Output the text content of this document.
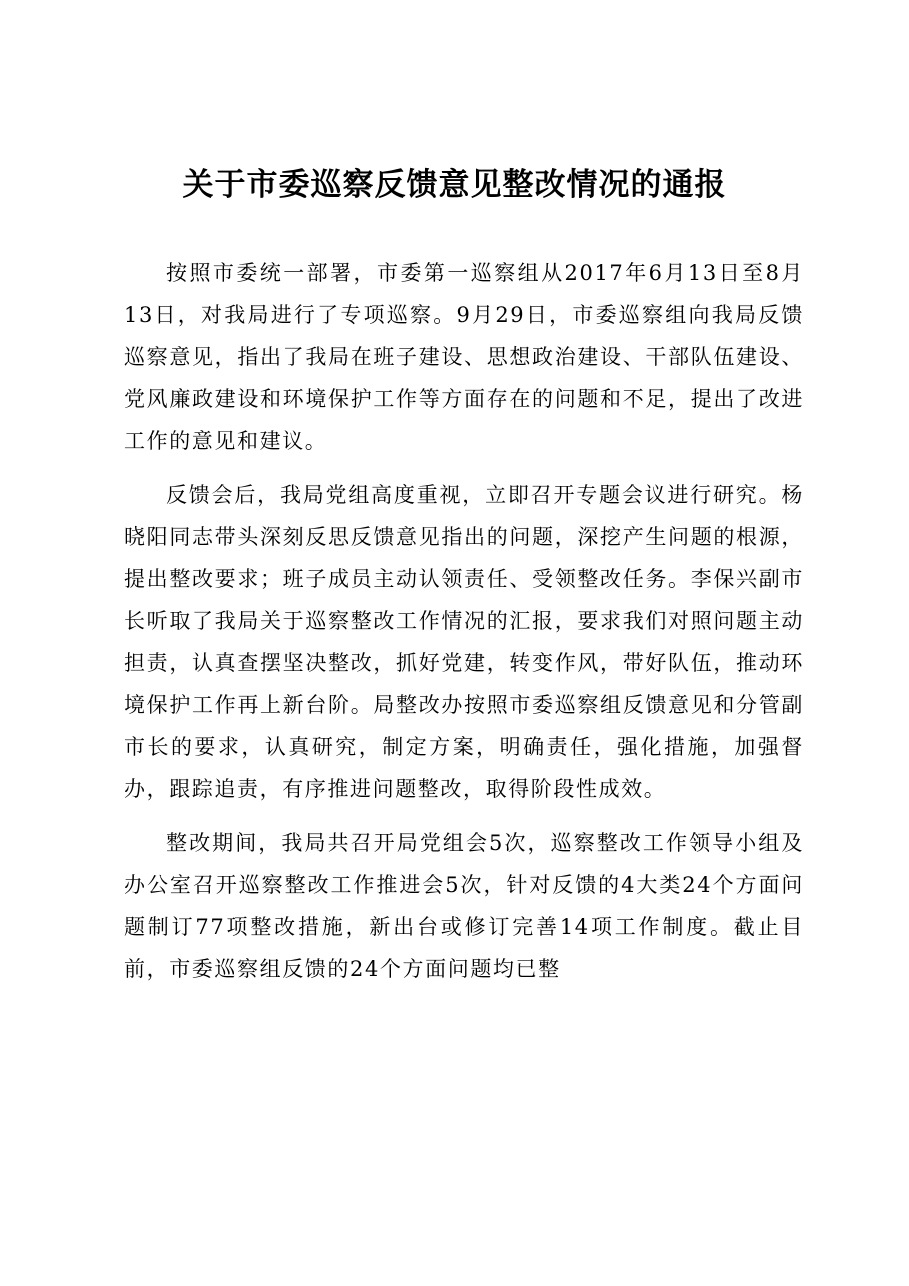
关于市委巡察反馈意见整改情况的通报

按照市委统一部署，市委第一巡察组从2017年6月13日至8月13日，对我局进行了专项巡察。9月29日，市委巡察组向我局反馈巡察意见，指出了我局在班子建设、思想政治建设、干部队伍建设、党风廉政建设和环境保护工作等方面存在的问题和不足，提出了改进工作的意见和建议。

反馈会后，我局党组高度重视，立即召开专题会议进行研究。杨晓阳同志带头深刻反思反馈意见指出的问题，深挖产生问题的根源，提出整改要求；班子成员主动认领责任、受领整改任务。李保兴副市长听取了我局关于巡察整改工作情况的汇报，要求我们对照问题主动担责，认真查摆坚决整改，抓好党建，转变作风，带好队伍，推动环境保护工作再上新台阶。局整改办按照市委巡察组反馈意见和分管副市长的要求，认真研究，制定方案，明确责任，强化措施，加强督办，跟踪追责，有序推进问题整改，取得阶段性成效。

整改期间，我局共召开局党组会5次，巡察整改工作领导小组及办公室召开巡察整改工作推进会5次，针对反馈的4大类24个方面问题制订77项整改措施，新出台或修订完善14项工作制度。截止目前，市委巡察组反馈的24个方面问题均已整
